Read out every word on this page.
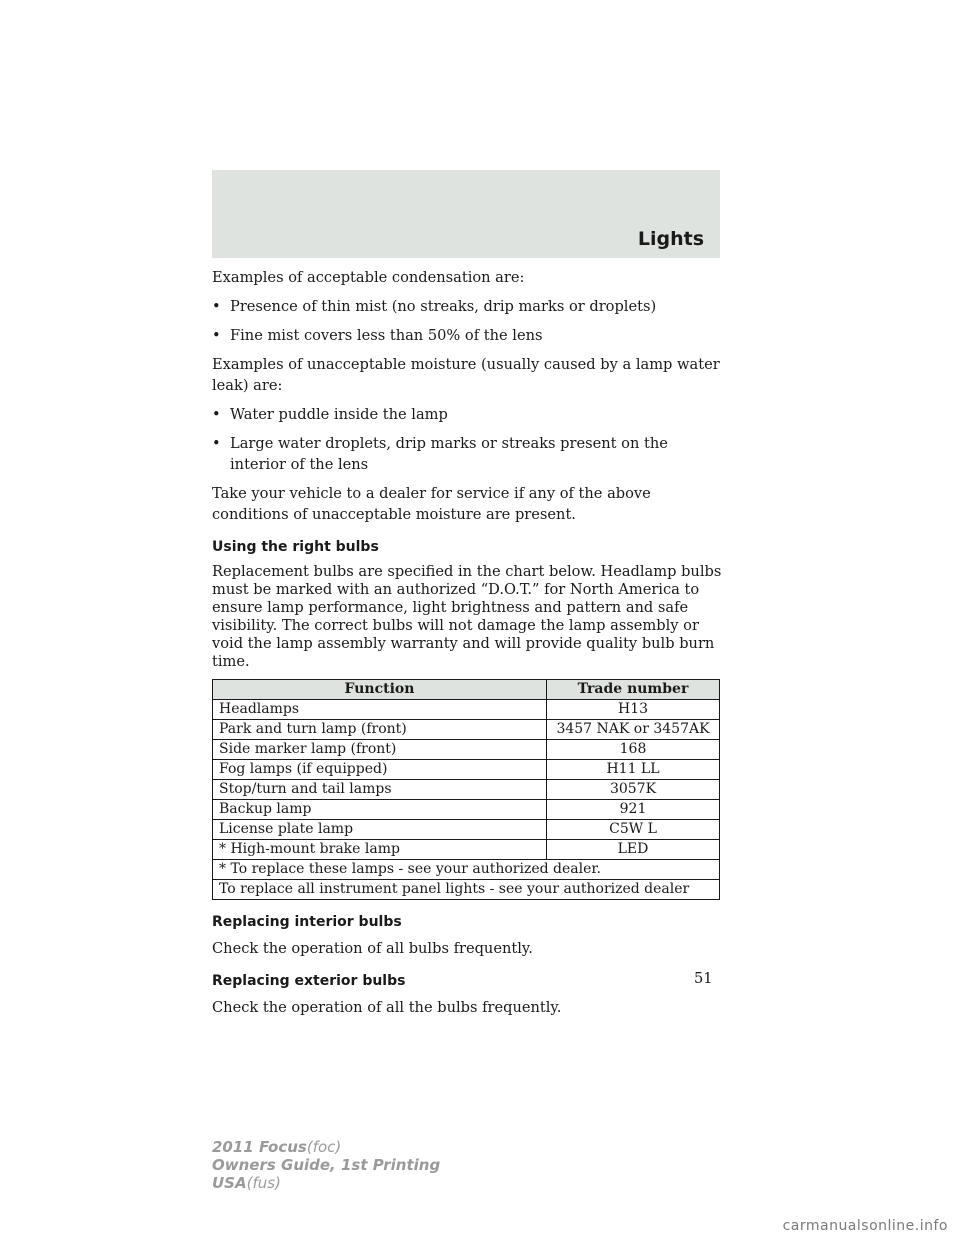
Lights

Examples of acceptable condensation are:

• Presence of thin mist (no streaks, drip marks or droplets)
• Fine mist covers less than 50% of the lens

Examples of unacceptable moisture (usually caused by a lamp water leak) are:

• Water puddle inside the lamp
• Large water droplets, drip marks or streaks present on the interior of the lens

Take your vehicle to a dealer for service if any of the above conditions of unacceptable moisture are present.

Using the right bulbs

Replacement bulbs are specified in the chart below. Headlamp bulbs must be marked with an authorized “D.O.T.” for North America to ensure lamp performance, light brightness and pattern and safe visibility. The correct bulbs will not damage the lamp assembly or void the lamp assembly warranty and will provide quality bulb burn time.

Function	Trade number
Headlamps	H13
Park and turn lamp (front)	3457 NAK or 3457AK
Side marker lamp (front)	168
Fog lamps (if equipped)	H11 LL
Stop/turn and tail lamps	3057K
Backup lamp	921
License plate lamp	C5W L
* High-mount brake lamp	LED
* To replace these lamps - see your authorized dealer.	
To replace all instrument panel lights - see your authorized dealer	
Replacing interior bulbs

Check the operation of all bulbs frequently.

Replacing exterior bulbs

Check the operation of all the bulbs frequently.

51
2011 Focus(foc)
Owners Guide, 1st Printing
USA(fus)
carmanualsonline.info
